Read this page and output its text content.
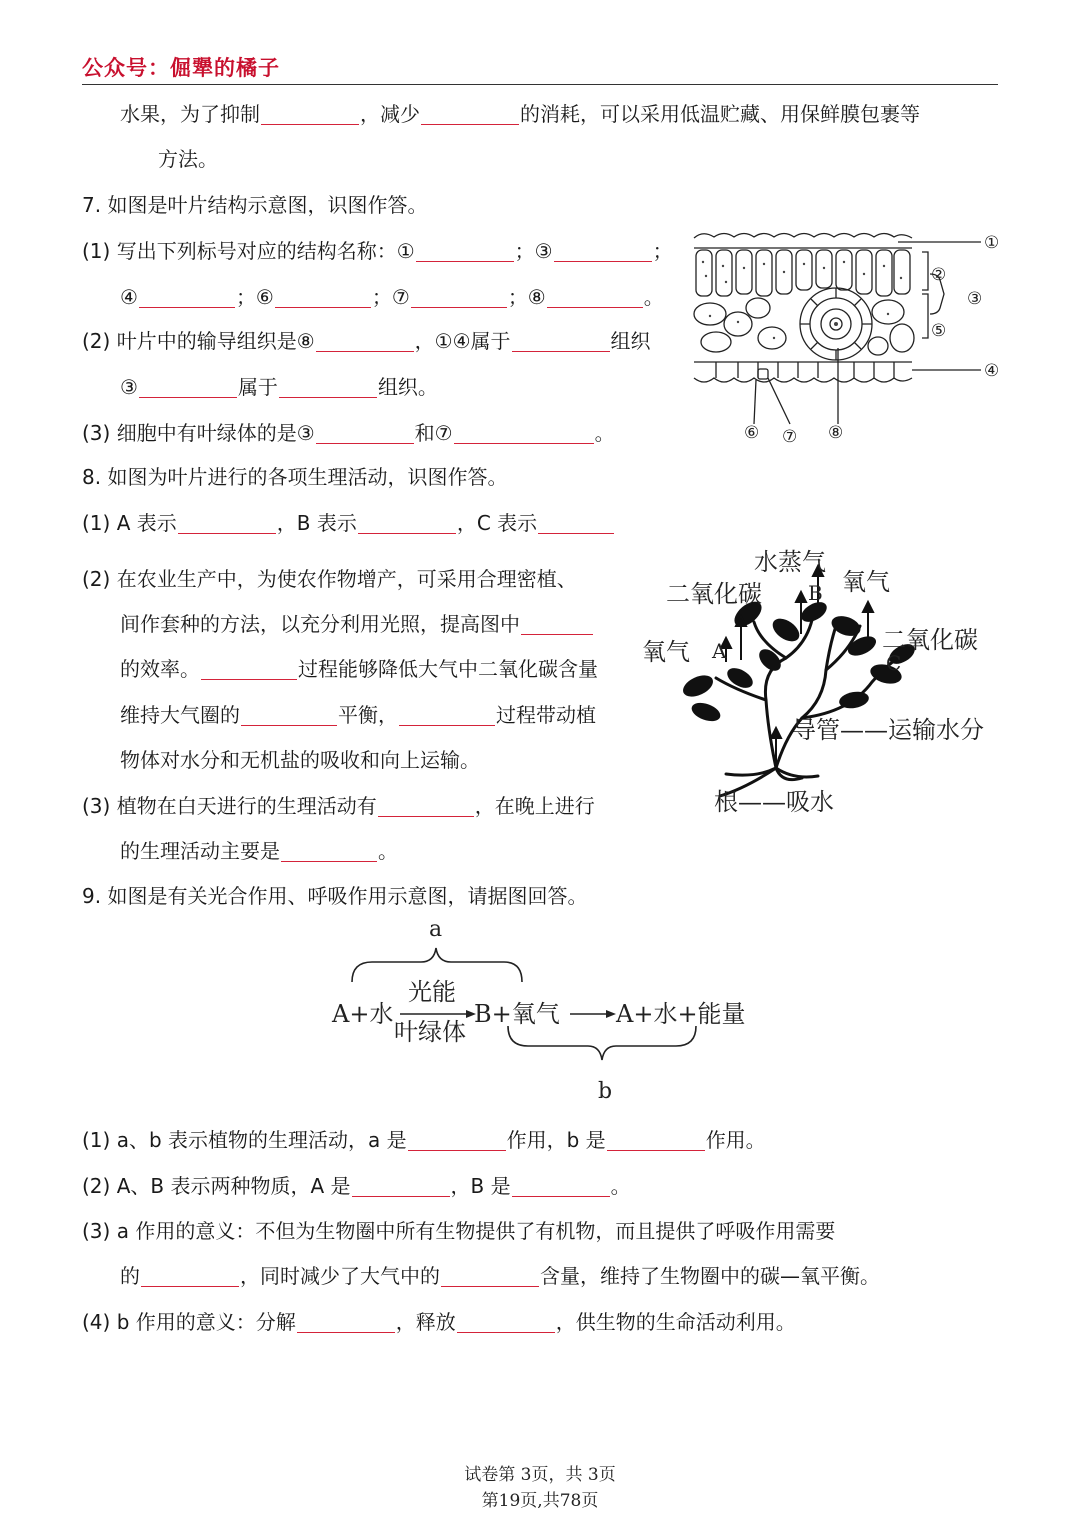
公众号：倔犟的橘子
水果，为了抑制	，减少	的消耗，可以采用低温贮藏、用保鲜膜包裹等
方法。
7. 如图是叶片结构示意图，识图作答。
(1) 写出下列标号对应的结构名称：①	；③	；
④	；⑥	；⑦	；⑧	。
(2) 叶片中的输导组织是⑧	，①④属于	组织
③	属于	组织。
(3) 细胞中有叶绿体的是③	和⑦	。
①
②
③
④
⑤
⑥ ⑦ ⑧
8. 如图为叶片进行的各项生理活动，识图作答。
(1) A 表示	，B 表示	，C 表示
(2) 在农业生产中，为使农作物增产，可采用合理密植、
间作套种的方法，以充分利用光照，提高图中
的效率。	过程能够降低大气中二氧化碳含量
维持大气圈的	平衡，	过程带动植
物体对水分和无机盐的吸收和向上运输。
(3) 植物在白天进行的生理活动有	，在晚上进行
的生理活动主要是	。
水蒸气
二氧化碳 B 氧气
氧气 A	二氧化碳
C
导管——运输水分
根——吸水
9. 如图是有关光合作用、呼吸作用示意图，请据图回答。
a
A+水
光能
叶绿体
B+氧气 A+水+能量
b
(1) a、b 表示植物的生理活动，a 是	作用，b 是	作用。
(2) A、B 表示两种物质，A 是	，B 是	。
(3) a 作用的意义：不但为生物圈中所有生物提供了有机物，而且提供了呼吸作用需要
的	，同时减少了大气中的	含量，维持了生物圈中的碳—氧平衡。
(4) b 作用的意义：分解	，释放	，供生物的生命活动利用。
试卷第 3页，共 3页
第19页,共78页
